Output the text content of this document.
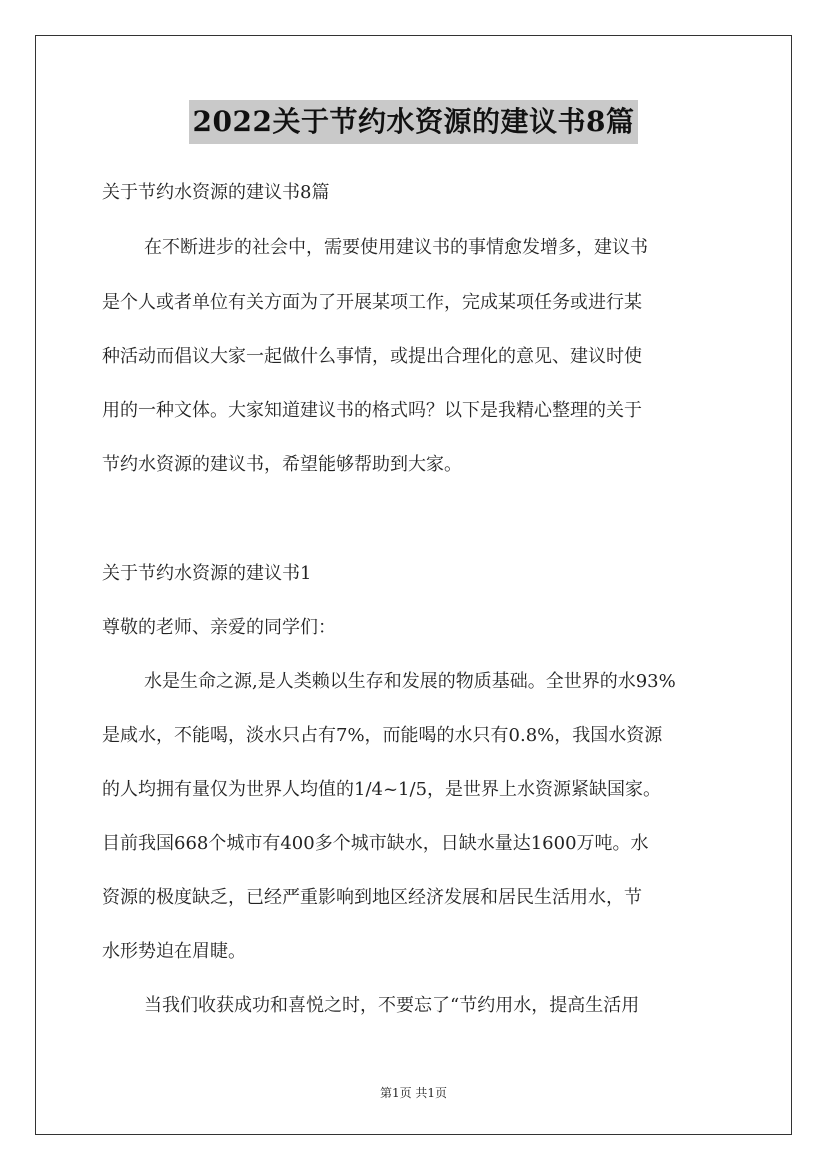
2022关于节约水资源的建议书8篇
关于节约水资源的建议书8篇
在不断进步的社会中，需要使用建议书的事情愈发增多，建议书
是个人或者单位有关方面为了开展某项工作，完成某项任务或进行某
种活动而倡议大家一起做什么事情，或提出合理化的意见、建议时使
用的一种文体。大家知道建议书的格式吗？以下是我精心整理的关于
节约水资源的建议书，希望能够帮助到大家。
关于节约水资源的建议书1
尊敬的老师、亲爱的同学们：
水是生命之源,是人类赖以生存和发展的物质基础。全世界的水93%
是咸水，不能喝，淡水只占有7%，而能喝的水只有0.8%，我国水资源
的人均拥有量仅为世界人均值的1/4~1/5，是世界上水资源紧缺国家。
目前我国668个城市有400多个城市缺水，日缺水量达1600万吨。水
资源的极度缺乏，已经严重影响到地区经济发展和居民生活用水，节
水形势迫在眉睫。
当我们收获成功和喜悦之时，不要忘了“节约用水，提高生活用
第1页 共1页
